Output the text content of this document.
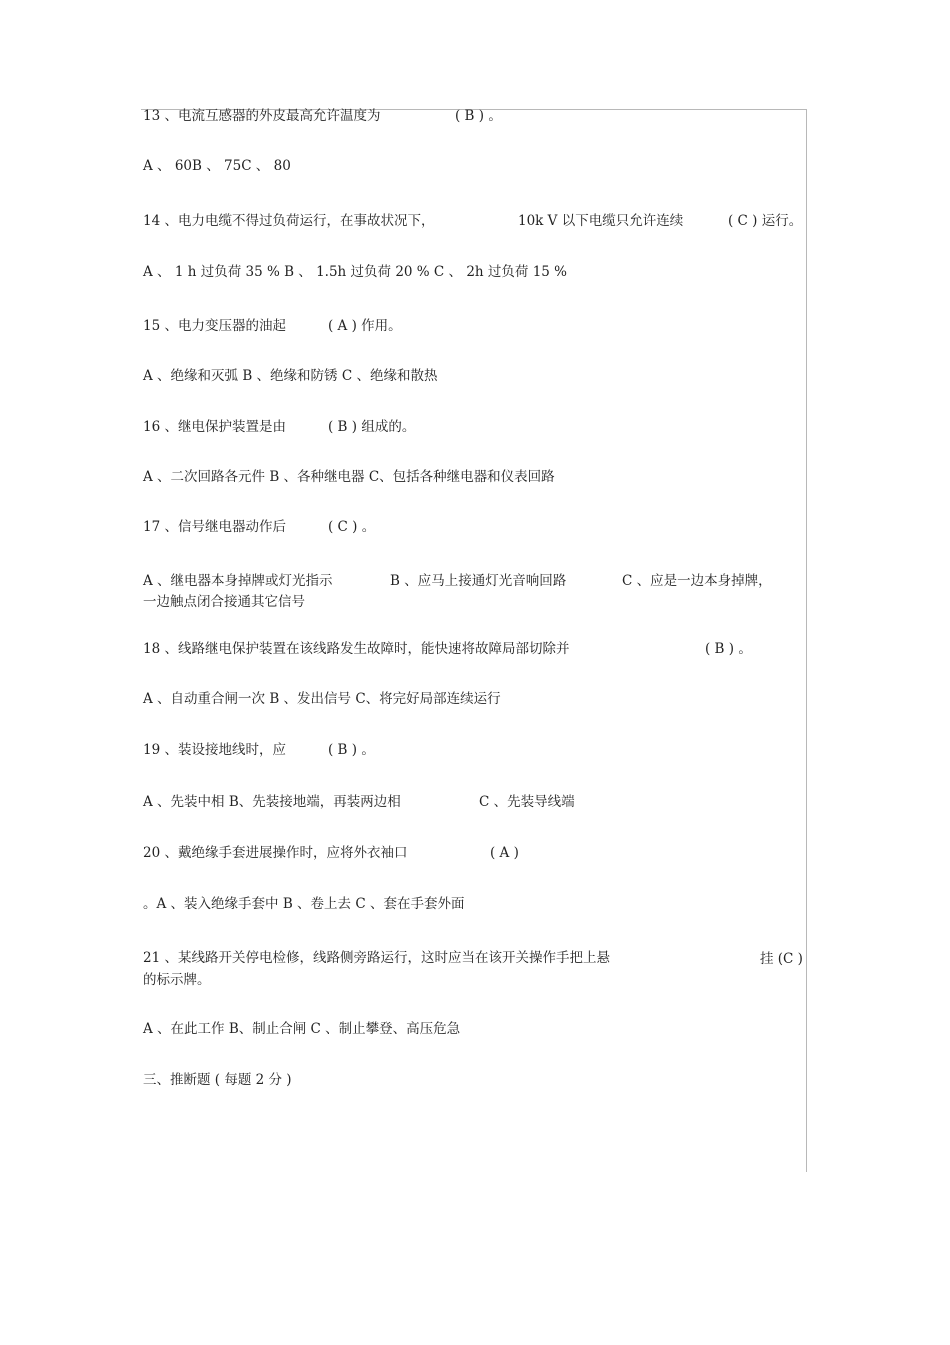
13 、电流互感器的外皮最高允许温度为	( B ) 。
A 、 60B 、 75C 、 80
14 、电力电缆不得过负荷运行，在事故状况下，	10k V 以下电缆只允许连续	( C ) 运行。
A 、 1 h 过负荷 35 % B 、 1.5h 过负荷 20 % C 、 2h 过负荷 15 %
15 、电力变压器的油起	( A ) 作用。
A 、绝缘和灭弧 B 、绝缘和防锈 C 、绝缘和散热
16 、继电保护装置是由	( B ) 组成的。
A 、二次回路各元件 B 、各种继电器 C、包括各种继电器和仪表回路
17 、信号继电器动作后	( C ) 。
A 、继电器本身掉牌或灯光指示	B 、应马上接通灯光音响回路	C 、应是一边本身掉牌，
一边触点闭合接通其它信号
18 、线路继电保护装置在该线路发生故障时，能快速将故障局部切除并	( B ) 。
A 、自动重合闸一次 B 、发出信号 C、将完好局部连续运行
19 、装设接地线时，应	( B ) 。
A 、先装中相 B、先装接地端，再装两边相	C 、先装导线端
20 、戴绝缘手套进展操作时，应将外衣袖口	( A )
。A 、装入绝缘手套中 B 、卷上去 C 、套在手套外面
21 、某线路开关停电检修，线路侧旁路运行，这时应当在该开关操作手把上悬	挂 (C )
的标示牌。
A 、在此工作 B、制止合闸 C 、制止攀登、高压危急
三、推断题 ( 每题 2 分 )
